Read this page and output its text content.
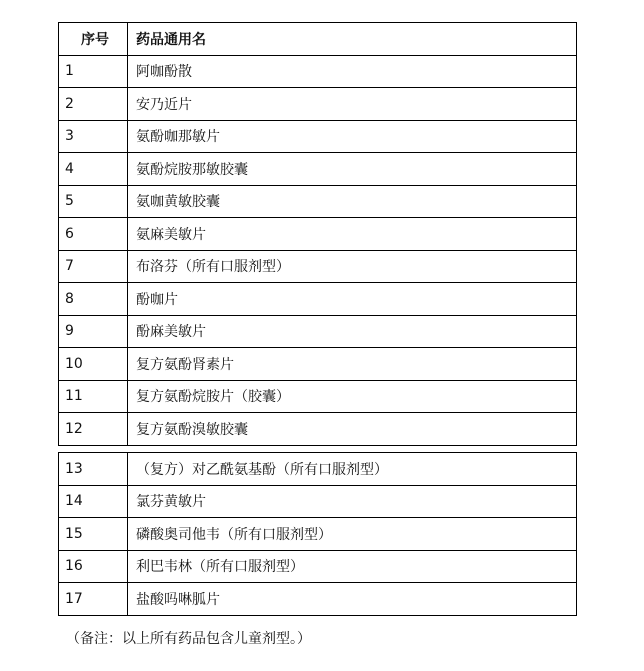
序号	药品通用名
1	阿咖酚散
2	安乃近片
3	氨酚咖那敏片
4	氨酚烷胺那敏胶囊
5	氨咖黄敏胶囊
6	氨麻美敏片
7	布洛芬（所有口服剂型）
8	酚咖片
9	酚麻美敏片
10	复方氨酚肾素片
11	复方氨酚烷胺片（胶囊）
12	复方氨酚溴敏胶囊
13	（复方）对乙酰氨基酚（所有口服剂型）
14	氯芬黄敏片
15	磷酸奥司他韦（所有口服剂型）
16	利巴韦林（所有口服剂型）
17	盐酸吗啉胍片
（备注：以上所有药品包含儿童剂型。）
